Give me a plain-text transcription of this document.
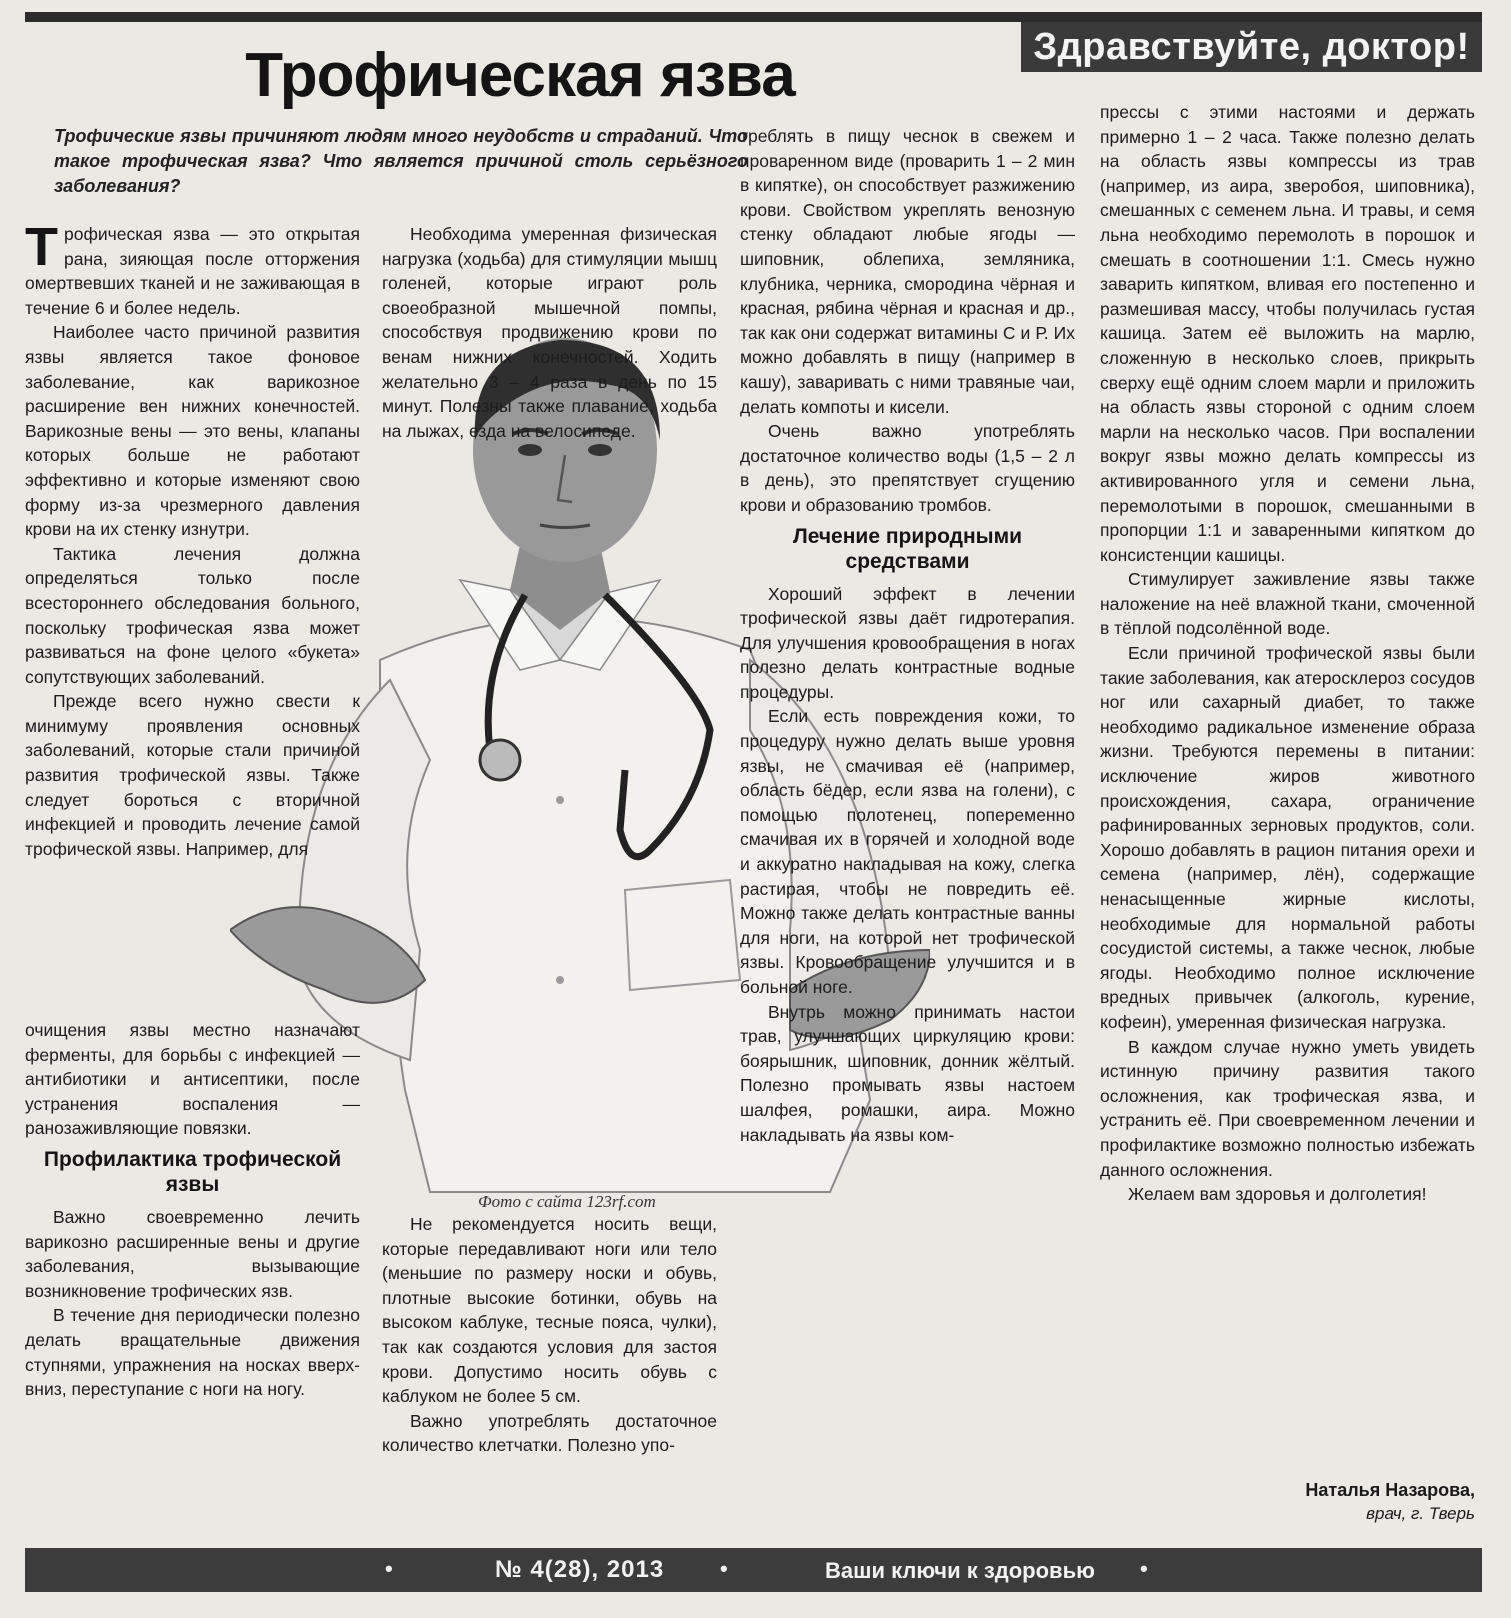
Здравствуйте, доктор!
Трофическая язва
Трофические язвы причиняют людям много неудобств и страданий. Что такое трофическая язва? Что является причиной столь серьёзного заболевания?
Фото с сайта 123rf.com

Трофическая язва — это открытая рана, зияющая после отторжения омертвевших тканей и не заживающая в течение 6 и более недель.

Наиболее часто причиной развития язвы является такое фоновое заболевание, как варикозное расширение вен нижних конечностей. Варикозные вены — это вены, клапаны которых больше не работают эффективно и которые изменяют свою форму из-за чрезмерного давления крови на их стенку изнутри.

Тактика лечения должна определяться только после всестороннего обследования больного, поскольку трофическая язва может развиваться на фоне целого «букета» сопутствующих заболеваний.

Прежде всего нужно свести к минимуму проявления основных заболеваний, которые стали причиной развития трофической язвы. Также следует бороться с вторичной инфекцией и проводить лечение самой трофической язвы. Например, для

очищения язвы местно назначают ферменты, для борьбы с инфекцией — антибиотики и антисептики, после устранения воспаления — ранозаживляющие повязки.

Профилактика трофической язвы

Важно своевременно лечить варикозно расширенные вены и другие заболевания, вызывающие возникновение трофических язв.

В течение дня периодически полезно делать вращательные движения ступнями, упражнения на носках вверх-вниз, переступание с ноги на ногу.

Необходима умеренная физическая нагрузка (ходьба) для стимуляции мышц голеней, которые играют роль своеобразной мышечной помпы, способствуя продвижению крови по венам нижних конечностей. Ходить желательно 3 – 4 раза в день по 15 минут. Полезны также плавание, ходьба на лыжах, езда на велосипеде.

Не рекомендуется носить вещи, которые передавливают ноги или тело (меньшие по размеру носки и обувь, плотные высокие ботинки, обувь на высоком каблуке, тесные пояса, чулки), так как создаются условия для застоя крови. Допустимо носить обувь с каблуком не более 5 см.

Важно употреблять достаточное количество клетчатки. Полезно упо-

треблять в пищу чеснок в свежем и проваренном виде (проварить 1 – 2 мин в кипятке), он способствует разжижению крови. Свойством укреплять венозную стенку обладают любые ягоды — шиповник, облепиха, земляника, клубника, черника, смородина чёрная и красная, рябина чёрная и красная и др., так как они содержат витамины С и Р. Их можно добавлять в пищу (например в кашу), заваривать с ними травяные чаи, делать компоты и кисели.

Очень важно употреблять достаточное количество воды (1,5 – 2 л в день), это препятствует сгущению крови и образованию тромбов.

Лечение природными средствами

Хороший эффект в лечении трофической язвы даёт гидротерапия. Для улучшения кровообращения в ногах полезно делать контрастные водные процедуры.

Если есть повреждения кожи, то процедуру нужно делать выше уровня язвы, не смачивая её (например, область бёдер, если язва на голени), с помощью полотенец, попеременно смачивая их в горячей и холодной воде и аккуратно накладывая на кожу, слегка растирая, чтобы не повредить её. Можно также делать контрастные ванны для ноги, на которой нет трофической язвы. Кровообращение улучшится и в больной ноге.

Внутрь можно принимать настои трав, улучшающих циркуляцию крови: боярышник, шиповник, донник жёлтый. Полезно промывать язвы настоем шалфея, ромашки, аира. Можно накладывать на язвы ком-

прессы с этими настоями и держать примерно 1 – 2 часа. Также полезно делать на область язвы компрессы из трав (например, из аира, зверобоя, шиповника), смешанных с семенем льна. И травы, и семя льна необходимо перемолоть в порошок и смешать в соотношении 1:1. Смесь нужно заварить кипятком, вливая его постепенно и размешивая массу, чтобы получилась густая кашица. Затем её выложить на марлю, сложенную в несколько слоев, прикрыть сверху ещё одним слоем марли и приложить на область язвы стороной с одним слоем марли на несколько часов. При воспалении вокруг язвы можно делать компрессы из активированного угля и семени льна, перемолотыми в порошок, смешанными в пропорции 1:1 и заваренными кипятком до консистенции кашицы.

Стимулирует заживление язвы также наложение на неё влажной ткани, смоченной в тёплой подсолённой воде.

Если причиной трофической язвы были такие заболевания, как атеросклероз сосудов ног или сахарный диабет, то также необходимо радикальное изменение образа жизни. Требуются перемены в питании: исключение жиров животного происхождения, сахара, ограничение рафинированных зерновых продуктов, соли. Хорошо добавлять в рацион питания орехи и семена (например, лён), содержащие ненасыщенные жирные кислоты, необходимые для нормальной работы сосудистой системы, а также чеснок, любые ягоды. Необходимо полное исключение вредных привычек (алкоголь, курение, кофеин), умеренная физическая нагрузка.

В каждом случае нужно уметь увидеть истинную причину развития такого осложнения, как трофическая язва, и устранить её. При своевременном лечении и профилактике возможно полностью избежать данного осложнения.

Желаем вам здоровья и долголетия!

Наталья Назарова,
врач, г. Тверь
•	№ 4(28), 2013	•	Ваши ключи к здоровью •
